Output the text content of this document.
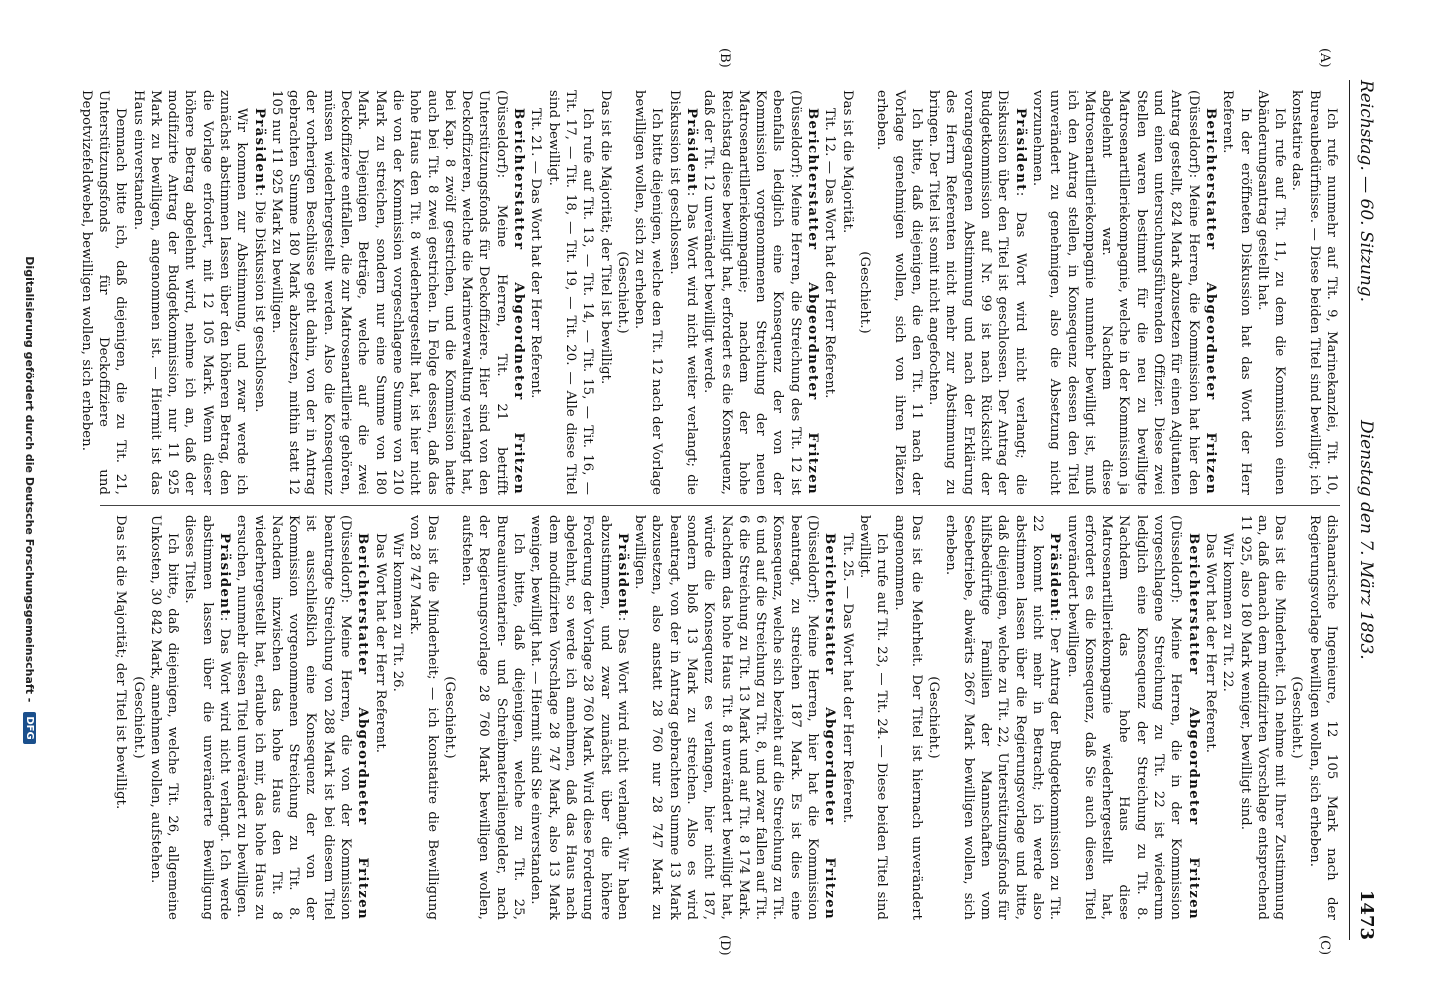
Reichstag. — 60. Sitzung.
Dienstag den 7. März 1893.
1473
(A)
(B)
(C)
(D)

Ich rufe nunmehr auf Tit. 9, Marinekanzlei, Tit. 10, Bureaubedürfnisse. — Diese beiden Titel sind bewilligt; ich konstatire das.

Ich rufe auf Tit. 11, zu dem die Kommission einen Abänderungsantrag gestellt hat.

In der eröffneten Diskussion hat das Wort der Herr Referent.

Berichterstatter Abgeordneter Fritzen (Düsseldorf): Meine Herren, die Kommission hat hier den Antrag gestellt, 824 Mark abzusetzen für einen Adjutanten und einen untersuchungsführenden Offizier. Diese zwei Stellen waren bestimmt für die neu zu bewilligte Matrosenartilleriekompagnie, welche in der Kommission ja abgelehnt war. Nachdem diese Matrosenartilleriekompagnie nunmehr bewilligt ist, muß ich den Antrag stellen, in Konsequenz dessen den Titel unverändert zu genehmigen, also die Absetzung nicht vorzunehmen.

Präsident: Das Wort wird nicht verlangt; die Diskussion über den Titel ist geschlossen. Der Antrag der Budgetkommission auf Nr. 99 ist nach Rücksicht der vorangegangenen Abstimmung und nach der Erklärung des Herrn Referenten nicht mehr zur Abstimmung zu bringen. Der Titel ist somit nicht angefochten.

Ich bitte, daß diejenigen, die den Tit. 11 nach der Vorlage genehmigen wollen, sich von ihren Plätzen erheben.

(Geschieht.)

Das ist die Majorität.

Tit. 12. — Das Wort hat der Herr Referent.

Berichterstatter Abgeordneter Fritzen (Düsseldorf): Meine Herren, die Streichung des Tit. 12 ist ebenfalls lediglich eine Konsequenz der von der Kommission vorgenommenen Streichung der neuen Matrosenartilleriekompagnie; nachdem der hohe Reichstag diese bewilligt hat, erfordert es die Konsequenz, daß der Tit. 12 unverändert bewilligt werde.

Präsident: Das Wort wird nicht weiter verlangt; die Diskussion ist geschlossen.

Ich bitte diejenigen, welche den Tit. 12 nach der Vorlage bewilligen wollen, sich zu erheben.

(Geschieht.)

Das ist die Majorität; der Titel ist bewilligt.

Ich rufe auf Tit. 13, — Tit. 14, — Tit. 15, — Tit. 16, — Tit. 17, — Tit. 18, — Tit. 19, — Tit. 20. — Alle diese Titel sind bewilligt.

Tit. 21. — Das Wort hat der Herr Referent.

Berichterstatter Abgeordneter Fritzen (Düsseldorf): Meine Herren, Tit. 21 betrifft Unterstützungsfonds für Deckoffiziere. Hier sind von den Deckoffizieren, welche die Marineverwaltung verlangt hat, bei Kap. 8 zwölf gestrichen, und die Kommission hatte auch bei Tit. 8 zwei gestrichen. In Folge dessen, daß das hohe Haus den Tit. 8 wiederhergestellt hat, ist hier nicht die von der Kommission vorgeschlagene Summe von 210 Mark zu streichen, sondern nur eine Summe von 180 Mark. Diejenigen Beträge, welche auf die zwei Deckoffiziere entfallen, die zur Matrosenartillerie gehören, müssen wiederhergestellt werden. Also die Konsequenz der vorherigen Beschlüsse geht dahin, von der in Antrag gebrachten Summe 180 Mark abzusetzen, mithin statt 12 105 nur 11 925 Mark zu bewilligen.

Präsident: Die Diskussion ist geschlossen.

Wir kommen zur Abstimmung, und zwar werde ich zunächst abstimmen lassen über den höheren Betrag, den die Vorlage erfordert, mit 12 105 Mark. Wenn dieser höhere Betrag abgelehnt wird, nehme ich an, daß der modifizirte Antrag der Budgetkommission, nur 11 925 Mark zu bewilligen, angenommen ist. — Hiermit ist das Haus einverstanden.

Demnach bitte ich, daß diejenigen, die zu Tit. 21, Unterstützungsfonds für Deckoffiziere und Depotvizefeldwebel, bewilligen wollen, sich erheben.

dishanarische Ingenieure, 12 105 Mark nach der Regierungsvorlage bewilligen wollen, sich erheben.

(Geschieht.)

Das ist die Minderheit. Ich nehme mit Ihrer Zustimmung an, daß danach dem modifizirten Vorschlage entsprechend 11 925, also 180 Mark weniger, bewilligt sind.

Wir kommen zu Tit. 22.

Das Wort hat der Herr Referent.

Berichterstatter Abgeordneter Fritzen (Düsseldorf): Meine Herren, die in der Kommission vorgeschlagene Streichung zu Tit. 22 ist wiederum lediglich eine Konsequenz der Streichung zu Tit. 8. Nachdem das hohe Haus diese Matrosenartilleriekompagnie wiederhergestellt hat, erfordert es die Konsequenz, daß Sie auch diesen Titel unverändert bewilligen.

Präsident: Der Antrag der Budgetkommission zu Tit. 22 kommt nicht mehr in Betracht; ich werde also abstimmen lassen über die Regierungsvorlage und bitte, daß diejenigen, welche zu Tit. 22, Unterstützungsfonds für hilfsbedürftige Familien der Mannschaften vom Seebetriebe, abwärts 2667 Mark bewilligen wollen, sich erheben.

(Geschieht.)

Das ist die Mehrheit. Der Titel ist hiernach unverändert angenommen.

Ich rufe auf Tit. 23, — Tit. 24. — Diese beiden Titel sind bewilligt.

Tit. 25. — Das Wort hat der Herr Referent.

Berichterstatter Abgeordneter Fritzen (Düsseldorf): Meine Herren, hier hat die Kommission beantragt, zu streichen 187 Mark. Es ist dies eine Konsequenz, welche sich bezieht auf die Streichung zu Tit. 6 und auf die Streichung zu Tit. 8, und zwar fallen auf Tit. 6 die Streichung zu Tit. 13 Mark und auf Tit. 8 174 Mark. Nachdem das hohe Haus Tit. 8 unverändert bewilligt hat, würde die Konsequenz es verlangen, hier nicht 187, sondern bloß 13 Mark zu streichen. Also es wird beantragt, von der in Antrag gebrachten Summe 13 Mark abzusetzen, also anstatt 28 760 nur 28 747 Mark zu bewilligen.

Präsident: Das Wort wird nicht verlangt. Wir haben abzustimmen, und zwar zunächst über die höhere Forderung der Vorlage 28 760 Mark. Wird diese Forderung abgelehnt, so werde ich annehmen, daß das Haus nach dem modifizirten Vorschlage 28 747 Mark, also 13 Mark weniger, bewilligt hat. — Hiermit sind Sie einverstanden.

Ich bitte, daß diejenigen, welche zu Tit. 25, Bureauinventarien- und Schreibmaterialiengelder, nach der Regierungsvorlage 28 760 Mark bewilligen wollen, aufstehen.

(Geschieht.)

Das ist die Minderheit; — ich konstatire die Bewilligung von 28 747 Mark.

Wir kommen zu Tit. 26.

Das Wort hat der Herr Referent.

Berichterstatter Abgeordneter Fritzen (Düsseldorf): Meine Herren, die von der Kommission beantragte Streichung von 288 Mark ist bei diesem Titel ist ausschließlich eine Konsequenz der von der Kommission vorgenommenen Streichung zu Tit. 8. Nachdem inzwischen das hohe Haus den Tit. 8 wiederhergestellt hat, erlaube ich mir, das hohe Haus zu ersuchen, nunmehr diesen Titel unverändert zu bewilligen.

Präsident: Das Wort wird nicht verlangt. Ich werde abstimmen lassen über die unveränderte Bewilligung dieses Titels.

Ich bitte, daß diejenigen, welche Tit. 26, allgemeine Unkosten, 30 842 Mark, annehmen wollen, aufstehen.

(Geschieht.)

Das ist die Majorität; der Titel ist bewilligt.

Digitalisierung gefördert durch die Deutsche Forschungsgemeinschaft -
DFG
